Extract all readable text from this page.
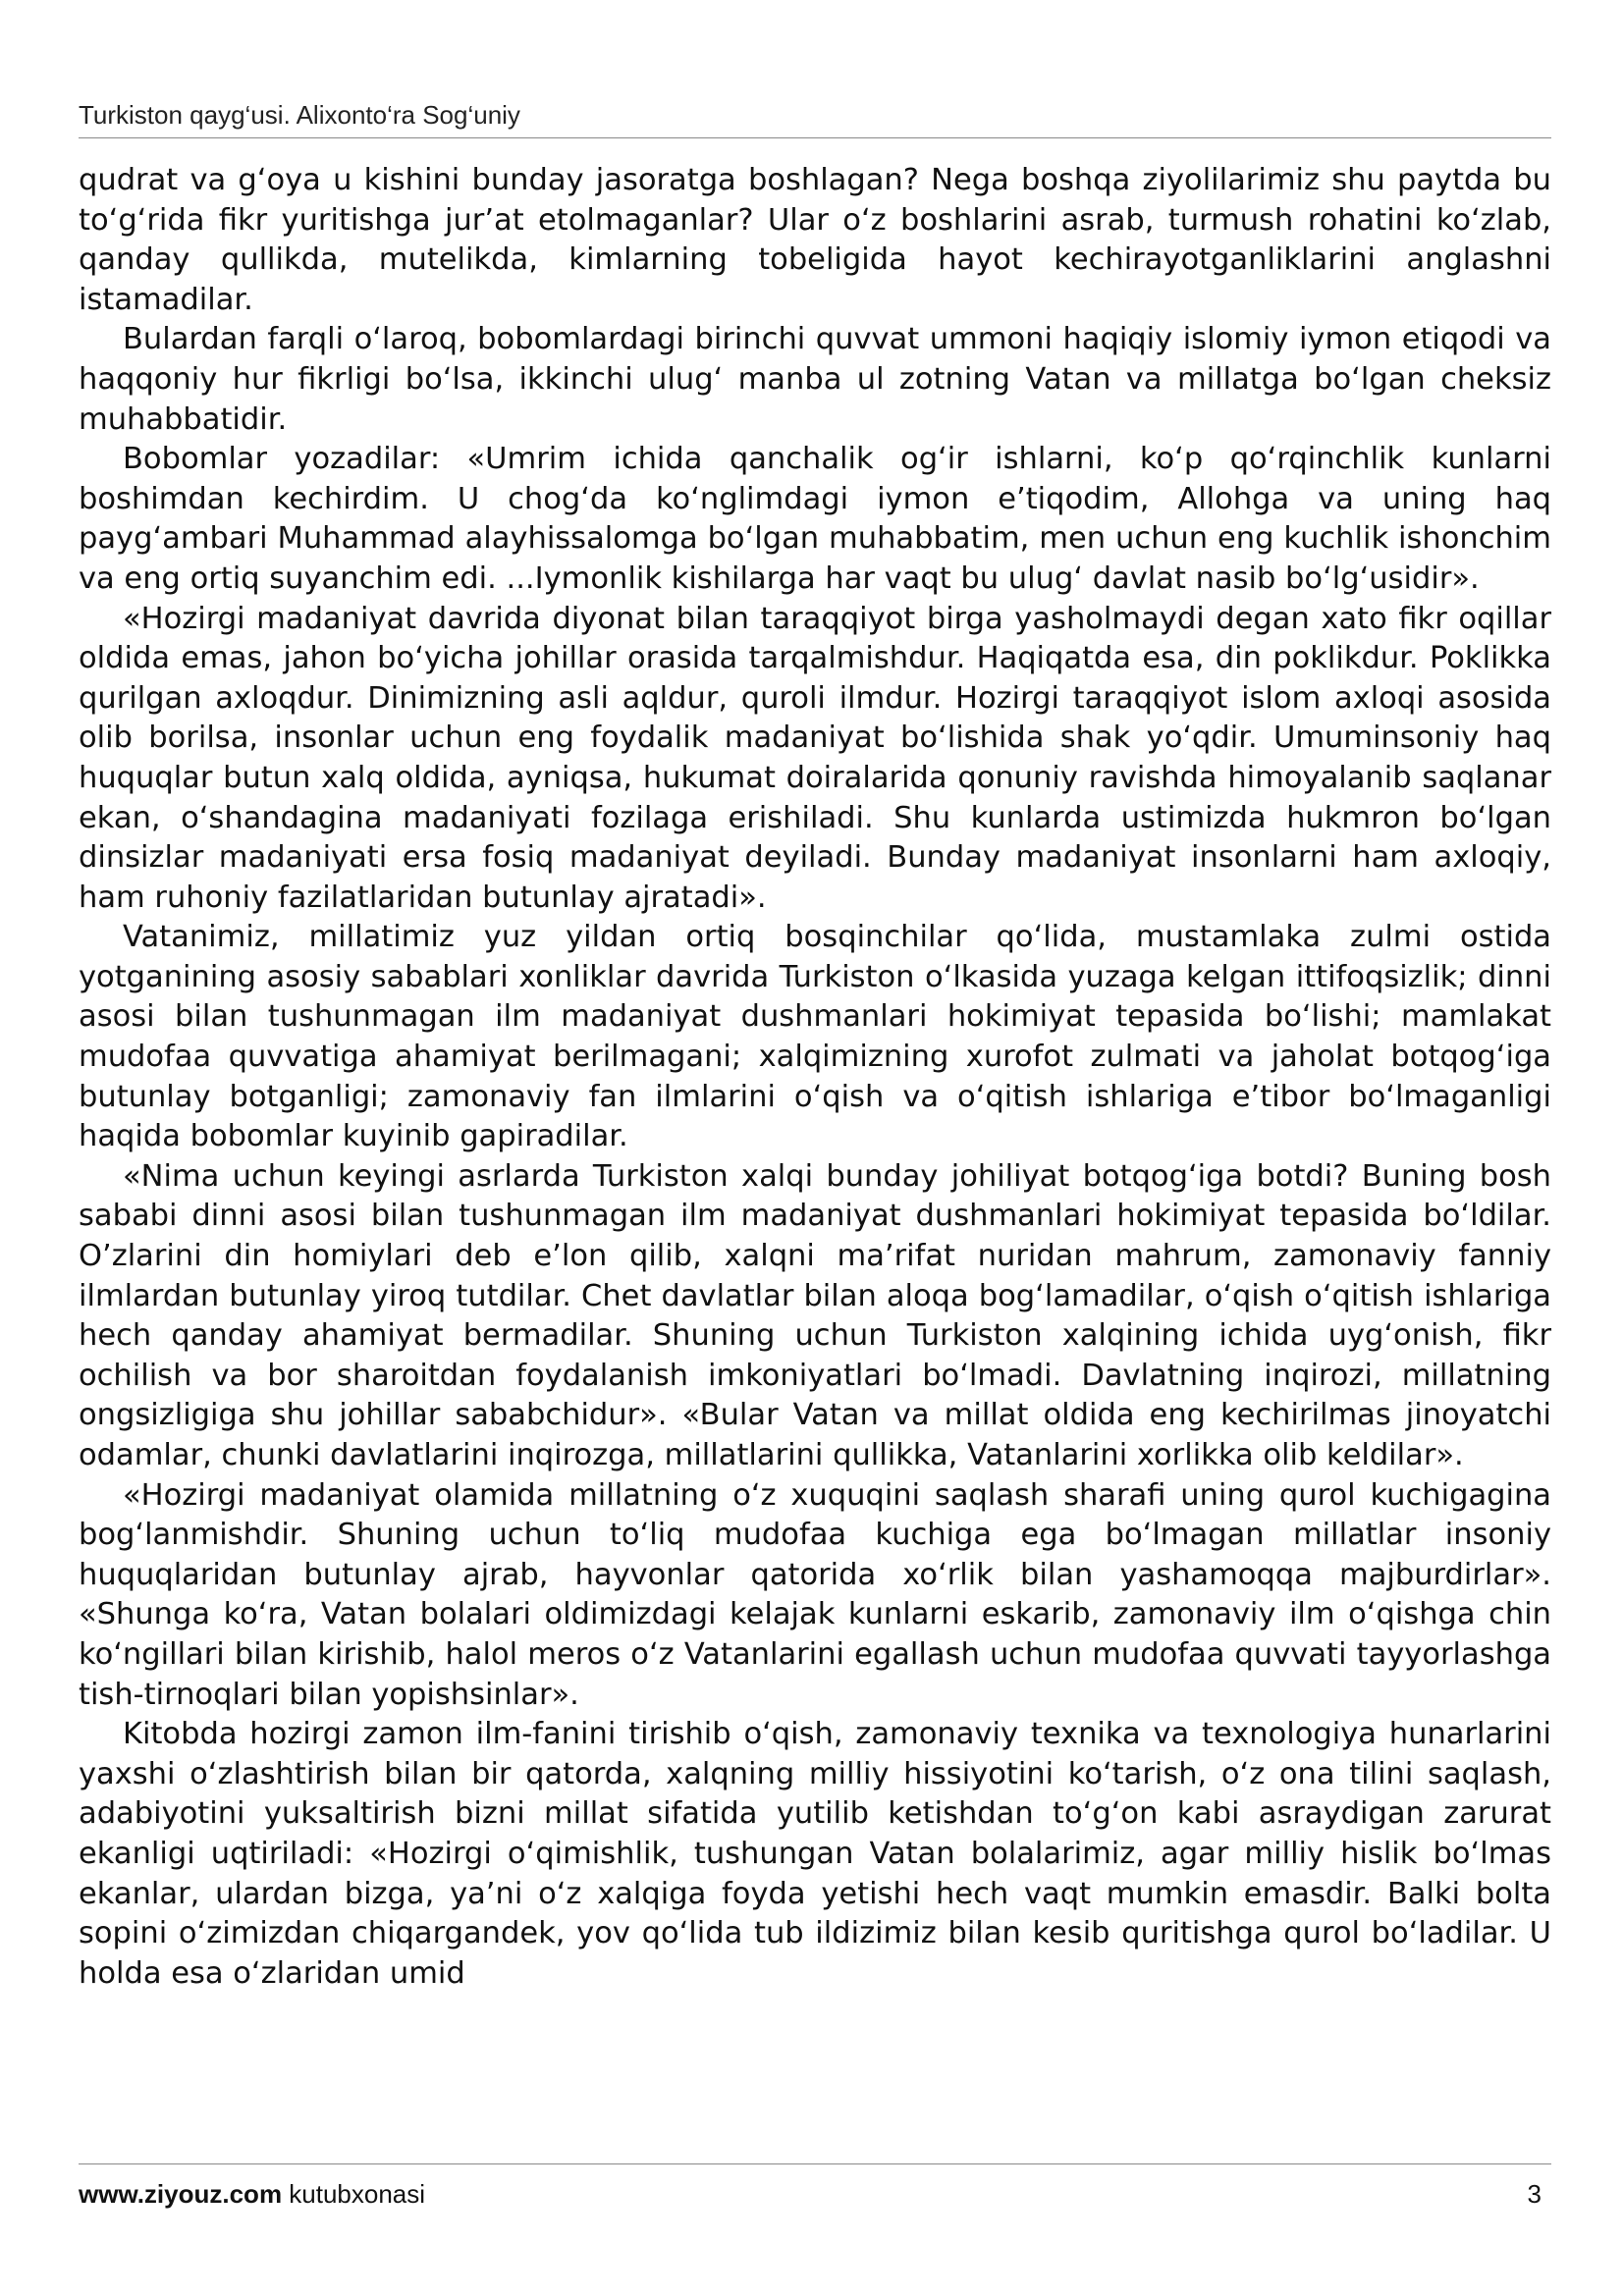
Turkiston qayg‘usi. Alixonto‘ra Sog‘uniy

qudrat va g‘oya u kishini bunday jasoratga boshlagan? Nega boshqa ziyolilarimiz shu paytda bu to‘g‘rida fikr yuritishga jur’at etolmaganlar? Ular o‘z boshlarini asrab, turmush rohatini ko‘zlab, qanday qullikda, mutelikda, kimlarning tobeligida hayot kechirayotganliklarini anglashni istamadilar.

Bulardan farqli o‘laroq, bobomlardagi birinchi quvvat ummoni haqiqiy islomiy iymon etiqodi va haqqoniy hur fikrligi bo‘lsa, ikkinchi ulug‘ manba ul zotning Vatan va millatga bo‘lgan cheksiz muhabbatidir.

Bobomlar yozadilar: «Umrim ichida qanchalik og‘ir ishlarni, ko‘p qo‘rqinchlik kunlarni boshimdan kechirdim. U chog‘da ko‘nglimdagi iymon e’tiqodim, Allohga va uning haq payg‘ambari Muhammad alayhissalomga bo‘lgan muhabbatim, men uchun eng kuchlik ishonchim va eng ortiq suyanchim edi. ...Iymonlik kishilarga har vaqt bu ulug‘ davlat nasib bo‘lg‘usidir».

«Hozirgi madaniyat davrida diyonat bilan taraqqiyot birga yasholmaydi degan xato fikr oqillar oldida emas, jahon bo‘yicha johillar orasida tarqalmishdur. Haqiqatda esa, din poklikdur. Poklikka qurilgan axloqdur. Dinimizning asli aqldur, quroli ilmdur. Hozirgi taraqqiyot islom axloqi asosida olib borilsa, insonlar uchun eng foydalik madaniyat bo‘lishida shak yo‘qdir. Umuminsoniy haq huquqlar butun xalq oldida, ayniqsa, hukumat doiralarida qonuniy ravishda himoyalanib saqlanar ekan, o‘shandagina madaniyati fozilaga erishiladi. Shu kunlarda ustimizda hukmron bo‘lgan dinsizlar madaniyati ersa fosiq madaniyat deyiladi. Bunday madaniyat insonlarni ham axloqiy, ham ruhoniy fazilatlaridan butunlay ajratadi».

Vatanimiz, millatimiz yuz yildan ortiq bosqinchilar qo‘lida, mustamlaka zulmi ostida yotganining asosiy sabablari xonliklar davrida Turkiston o‘lkasida yuzaga kelgan ittifoqsizlik; dinni asosi bilan tushunmagan ilm madaniyat dushmanlari hokimiyat tepasida bo‘lishi; mamlakat mudofaa quvvatiga ahamiyat berilmagani; xalqimizning xurofot zulmati va jaholat botqog‘iga butunlay botganligi; zamonaviy fan ilmlarini o‘qish va o‘qitish ishlariga e’tibor bo‘lmaganligi haqida bobomlar kuyinib gapiradilar.

«Nima uchun keyingi asrlarda Turkiston xalqi bunday johiliyat botqog‘iga botdi? Buning bosh sababi dinni asosi bilan tushunmagan ilm madaniyat dushmanlari hokimiyat tepasida bo‘ldilar. O’zlarini din homiylari deb e’lon qilib, xalqni ma’rifat nuridan mahrum, zamonaviy fanniy ilmlardan butunlay yiroq tutdilar. Chet davlatlar bilan aloqa bog‘lamadilar, o‘qish o‘qitish ishlariga hech qanday ahamiyat bermadilar. Shuning uchun Turkiston xalqining ichida uyg‘onish, fikr ochilish va bor sharoitdan foydalanish imkoniyatlari bo‘lmadi. Davlatning inqirozi, millatning ongsizligiga shu johillar sababchidur». «Bular Vatan va millat oldida eng kechirilmas jinoyatchi odamlar, chunki davlatlarini inqirozga, millatlarini qullikka, Vatanlarini xorlikka olib keldilar».

«Hozirgi madaniyat olamida millatning o‘z xuquqini saqlash sharafi uning qurol kuchigagina bog‘lanmishdir. Shuning uchun to‘liq mudofaa kuchiga ega bo‘lmagan millatlar insoniy huquqlaridan butunlay ajrab, hayvonlar qatorida xo‘rlik bilan yashamoqqa majburdirlar». «Shunga ko‘ra, Vatan bolalari oldimizdagi kelajak kunlarni eskarib, zamonaviy ilm o‘qishga chin ko‘ngillari bilan kirishib, halol meros o‘z Vatanlarini egallash uchun mudofaa quvvati tayyorlashga tish-tirnoqlari bilan yopishsinlar».

Kitobda hozirgi zamon ilm-fanini tirishib o‘qish, zamonaviy texnika va texnologiya hunarlarini yaxshi o‘zlashtirish bilan bir qatorda, xalqning milliy hissiyotini ko‘tarish, o‘z ona tilini saqlash, adabiyotini yuksaltirish bizni millat sifatida yutilib ketishdan to‘g‘on kabi asraydigan zarurat ekanligi uqtiriladi: «Hozirgi o‘qimishlik, tushungan Vatan bolalarimiz, agar milliy hislik bo‘lmas ekanlar, ulardan bizga, ya’ni o‘z xalqiga foyda yetishi hech vaqt mumkin emasdir. Balki bolta sopini o‘zimizdan chiqargandek, yov qo‘lida tub ildizimiz bilan kesib quritishga qurol bo‘ladilar. U holda esa o‘zlaridan umid

www.ziyouz.com kutubxonasi	3
